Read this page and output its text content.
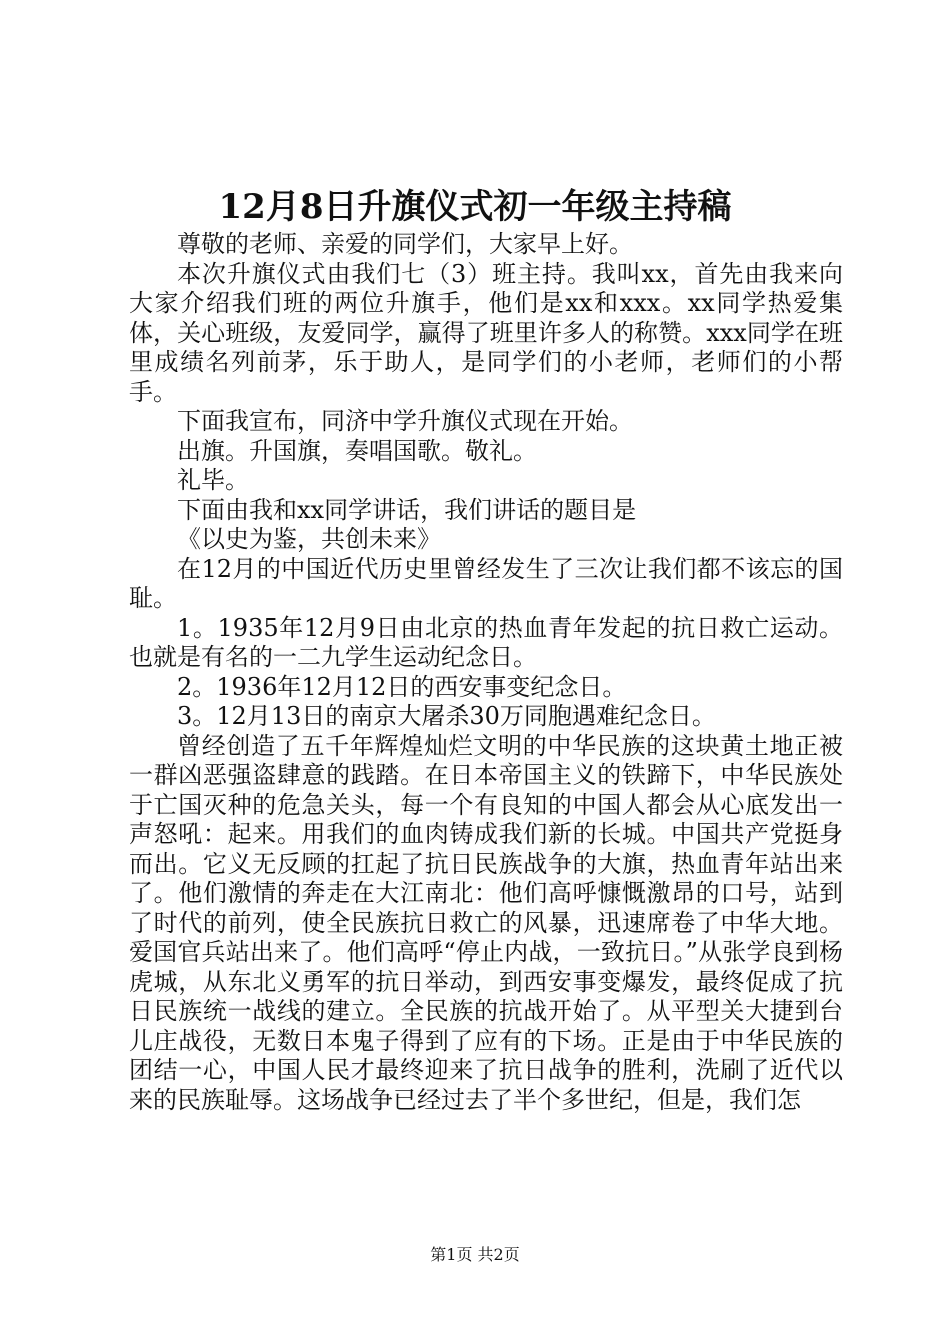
12月8日升旗仪式初一年级主持稿

尊敬的老师、亲爱的同学们，大家早上好。

本次升旗仪式由我们七（3）班主持。我叫xx，首先由我来向大家介绍我们班的两位升旗手，他们是xx和xxx。xx同学热爱集体，关心班级，友爱同学，赢得了班里许多人的称赞。xxx同学在班里成绩名列前茅，乐于助人，是同学们的小老师，老师们的小帮手。

下面我宣布，同济中学升旗仪式现在开始。

出旗。升国旗，奏唱国歌。敬礼。

礼毕。

下面由我和xx同学讲话，我们讲话的题目是

《以史为鉴，共创未来》

在12月的中国近代历史里曾经发生了三次让我们都不该忘的国耻。

1。1935年12月9日由北京的热血青年发起的抗日救亡运动。也就是有名的一二九学生运动纪念日。

2。1936年12月12日的西安事变纪念日。

3。12月13日的南京大屠杀30万同胞遇难纪念日。

曾经创造了五千年辉煌灿烂文明的中华民族的这块黄土地正被一群凶恶强盗肆意的践踏。在日本帝国主义的铁蹄下，中华民族处于亡国灭种的危急关头，每一个有良知的中国人都会从心底发出一声怒吼：起来。用我们的血肉铸成我们新的长城。中国共产党挺身而出。它义无反顾的扛起了抗日民族战争的大旗，热血青年站出来了。他们激情的奔走在大江南北：他们高呼慷慨激昂的口号，站到了时代的前列，使全民族抗日救亡的风暴，迅速席卷了中华大地。爱国官兵站出来了。他们高呼“停止内战，一致抗日。”从张学良到杨虎城，从东北义勇军的抗日举动，到西安事变爆发，最终促成了抗日民族统一战线的建立。全民族的抗战开始了。从平型关大捷到台儿庄战役，无数日本鬼子得到了应有的下场。正是由于中华民族的团结一心，中国人民才最终迎来了抗日战争的胜利，洗刷了近代以来的民族耻辱。这场战争已经过去了半个多世纪，但是，我们怎

第1页 共2页
